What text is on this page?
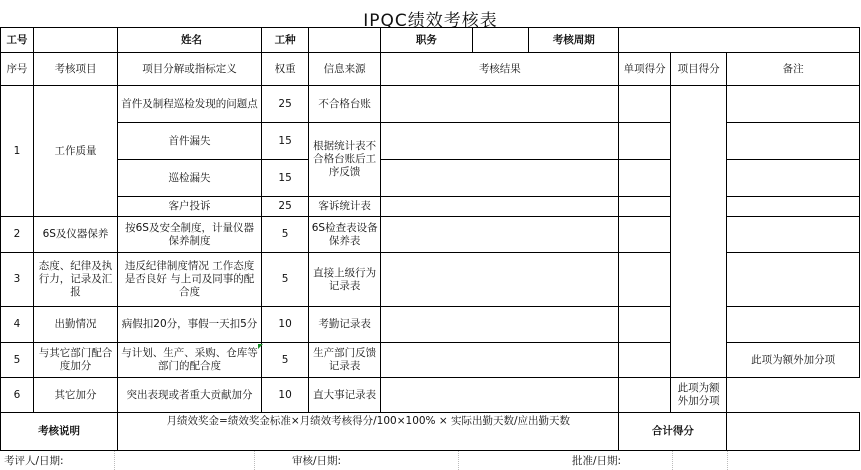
IPQC绩效考核表
工号		姓名	工种		职务		考核周期			
序号	考核项目	项目分解或指标定义	权重	信息来源	考核结果			单项得分	项目得分	备注
1	工作质量	首件及制程巡检发现的问题点	25	不合格台账						
		首件漏失	15	根据统计表不合格台账后工序反馈						
		巡检漏失	15							
		客户投诉	25	客诉统计表						
2	6S及仪器保养	按6S及安全制度，计量仪器保养制度	5	6S检查表设备保养表						
3	态度、纪律及执行力，记录及汇报	违反纪律制度情况 工作态度是否良好 与上司及同事的配合度	5	直接上级行为记录表						
4	出勤情况	病假扣20分，事假一天扣5分	10	考勤记录表						
5	与其它部门配合度加分	与计划、生产、采购、仓库等部门的配合度	5	生产部门反馈记录表						此项为额外加分项
6	其它加分	突出表现或者重大贡献加分	10	直大事记录表					此项为额外加分项	
考核说明		月绩效奖金=绩效奖金标准×月绩效考核得分/100×100% × 实际出勤天数/应出勤天数						合计得分		
考评人/日期:	审核/日期:	批准/日期:
